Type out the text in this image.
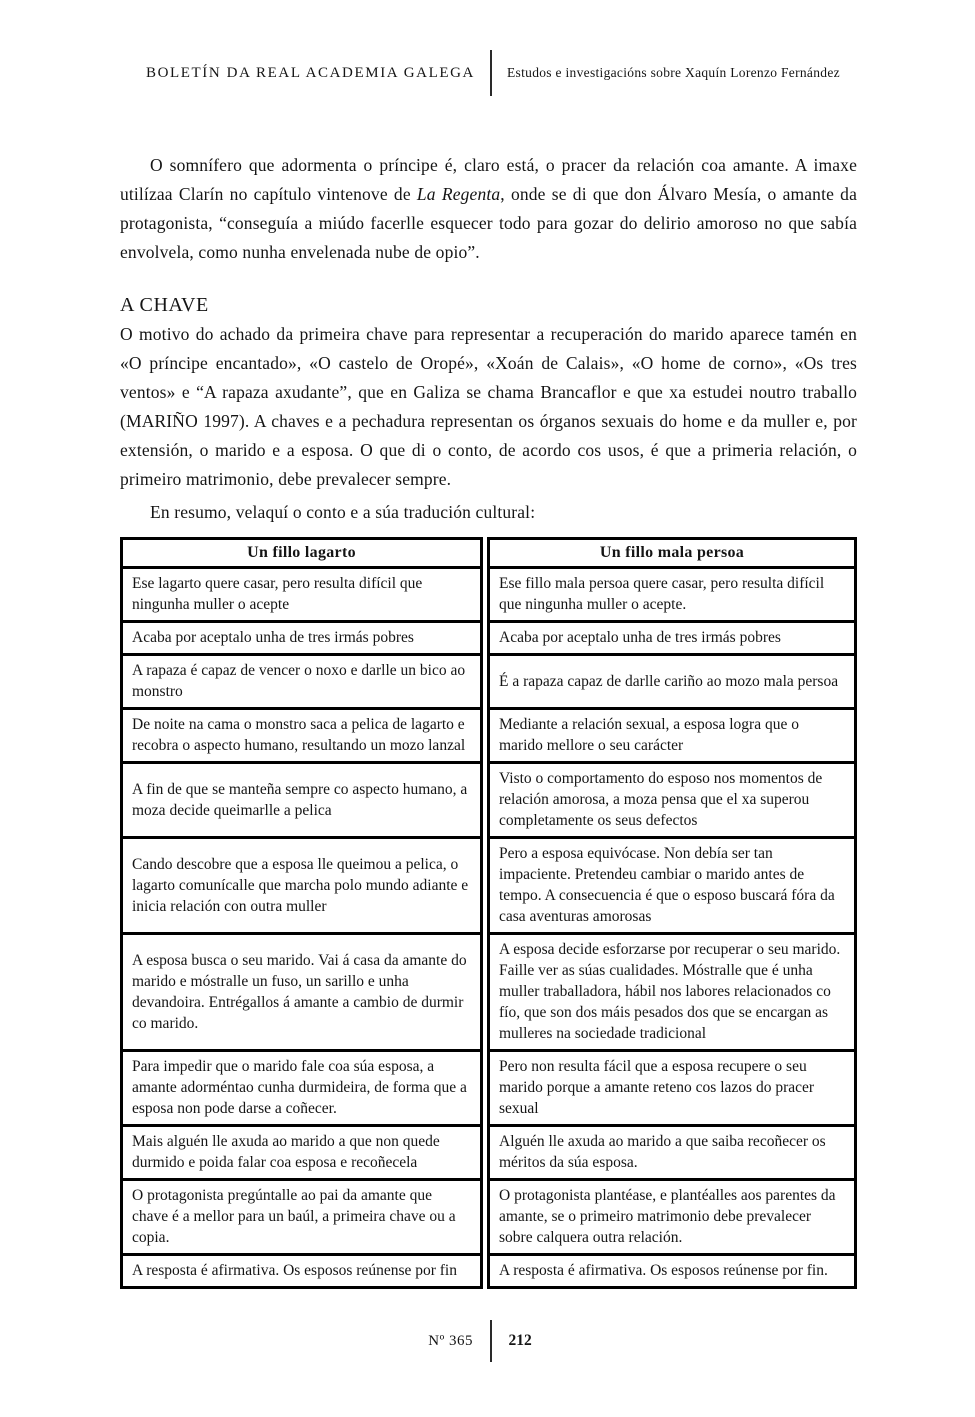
BOLETÍN DA REAL ACADEMIA GALEGA	Estudos e investigacións sobre Xaquín Lorenzo Fernández

O somnífero que adormenta o príncipe é, claro está, o pracer da relación coa amante. A imaxe utilízaa Clarín no capítulo vintenove de La Regenta, onde se di que don Álvaro Mesía, o amante da protagonista, “conseguía a miúdo facerlle esquecer todo para gozar do delirio amoroso no que sabía envolvela, como nunha envelenada nube de opio”.

A CHAVE

O motivo do achado da primeira chave para representar a recuperación do marido aparece tamén en «O príncipe encantado», «O castelo de Oropé», «Xoán de Calais», «O home de corno», «Os tres ventos» e “A rapaza axudante”, que en Galiza se chama Brancaflor e que xa estudei noutro traballo (MARIÑO 1997). A chaves e a pechadura representan os órganos sexuais do home e da muller e, por extensión, o marido e a esposa. O que di o conto, de acordo cos usos, é que a primeria relación, o primeiro matrimonio, debe prevalecer sempre.

En resumo, velaquí o conto e a súa tradución cultural:

Un fillo lagarto		Un fillo mala persoa
Ese lagarto quere casar, pero resulta difícil que ningunha muller o acepte		Ese fillo mala persoa quere casar, pero resulta difícil que ningunha muller o acepte.
Acaba por aceptalo unha de tres irmás pobres		Acaba por aceptalo unha de tres irmás pobres
A rapaza é capaz de vencer o noxo e darlle un bico ao monstro		É a rapaza capaz de darlle cariño ao mozo mala persoa
De noite na cama o monstro saca a pelica de lagarto e recobra o aspecto humano, resultando un mozo lanzal		Mediante a relación sexual, a esposa logra que o marido mellore o seu carácter
A fin de que se manteña sempre co aspecto humano, a moza decide queimarlle a pelica		Visto o comportamento do esposo nos momentos de relación amorosa, a moza pensa que el xa superou completamente os seus defectos
Cando descobre que a esposa lle queimou a pelica, o lagarto comunícalle que marcha polo mundo adiante e inicia relación con outra muller		Pero a esposa equivócase. Non debía ser tan impaciente. Pretendeu cambiar o marido antes de tempo. A consecuencia é que o esposo buscará fóra da casa aventuras amorosas
A esposa busca o seu marido. Vai á casa da amante do marido e móstralle un fuso, un sarillo e unha devandoira. Entrégallos á amante a cambio de durmir co marido.		A esposa decide esforzarse por recuperar o seu marido. Faille ver as súas cualidades. Móstralle que é unha muller traballadora, hábil nos labores relacionados co fío, que son dos máis pesados dos que se encargan as mulleres na sociedade tradicional
Para impedir que o marido fale coa súa esposa, a amante adorméntao cunha durmideira, de forma que a esposa non pode darse a coñecer.		Pero non resulta fácil que a esposa recupere o seu marido porque a amante reteno cos lazos do pracer sexual
Mais alguén lle axuda ao marido a que non quede durmido e poida falar coa esposa e recoñecela		Alguén lle axuda ao marido a que saiba recoñecer os méritos da súa esposa.
O protagonista pregúntalle ao pai da amante que chave é a mellor para un baúl, a primeira chave ou a copia.		O protagonista plantéase, e plantéalles aos parentes da amante, se o primeiro matrimonio debe prevalecer sobre calquera outra relación.
A resposta é afirmativa. Os esposos reúnense por fin		A resposta é afirmativa. Os esposos reúnense por fin.
Nº 365	212
